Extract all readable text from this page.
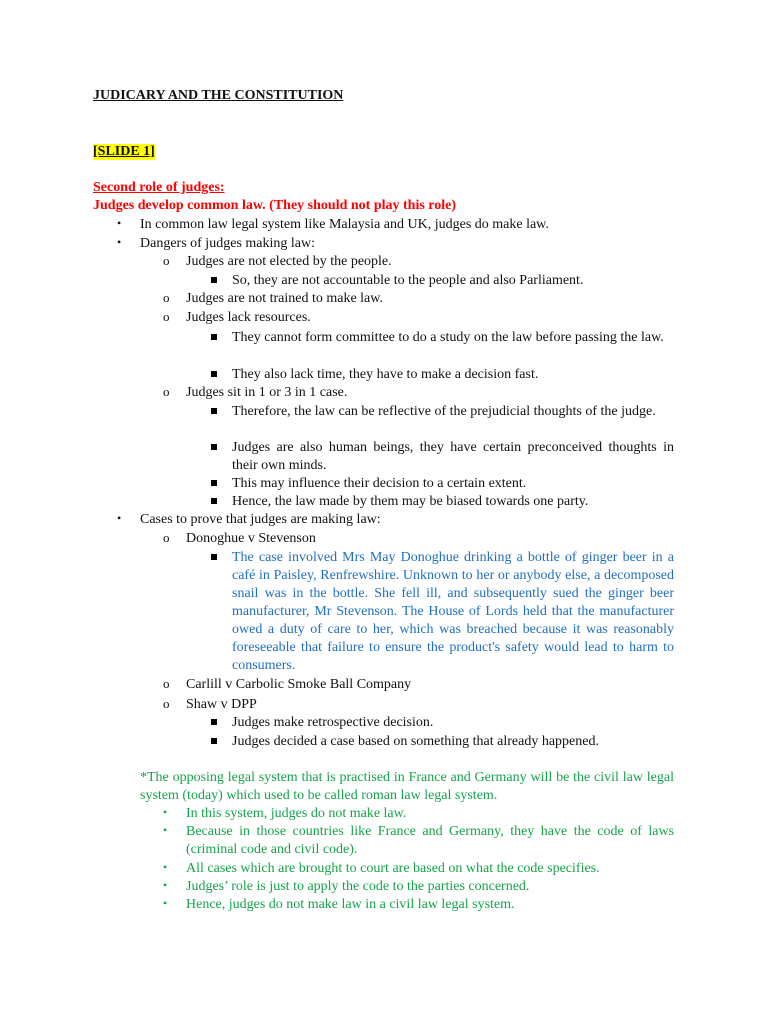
JUDICARY AND THE CONSTITUTION
[SLIDE 1]
Second role of judges:
Judges develop common law. (They should not play this role)
• In common law legal system like Malaysia and UK, judges do make law.
• Dangers of judges making law:
o Judges are not elected by the people.
So, they are not accountable to the people and also Parliament.
o Judges are not trained to make law.
o Judges lack resources.
They cannot form committee to do a study on the law before passing the law.
They also lack time, they have to make a decision fast.
o Judges sit in 1 or 3 in 1 case.
Therefore, the law can be reflective of the prejudicial thoughts of the judge.
Judges are also human beings, they have certain preconceived thoughts in their own minds.
This may influence their decision to a certain extent.
Hence, the law made by them may be biased towards one party.
• Cases to prove that judges are making law:
o Donoghue v Stevenson
The case involved Mrs May Donoghue drinking a bottle of ginger beer in a café in Paisley, Renfrewshire. Unknown to her or anybody else, a decomposed snail was in the bottle. She fell ill, and subsequently sued the ginger beer manufacturer, Mr Stevenson. The House of Lords held that the manufacturer owed a duty of care to her, which was breached because it was reasonably foreseeable that failure to ensure the product's safety would lead to harm to consumers.
o Carlill v Carbolic Smoke Ball Company
o Shaw v DPP
Judges make retrospective decision.
Judges decided a case based on something that already happened.
*The opposing legal system that is practised in France and Germany will be the civil law legal system (today) which used to be called roman law legal system.
• In this system, judges do not make law.
• Because in those countries like France and Germany, they have the code of laws (criminal code and civil code).
• All cases which are brought to court are based on what the code specifies.
• Judges’ role is just to apply the code to the parties concerned.
• Hence, judges do not make law in a civil law legal system.
